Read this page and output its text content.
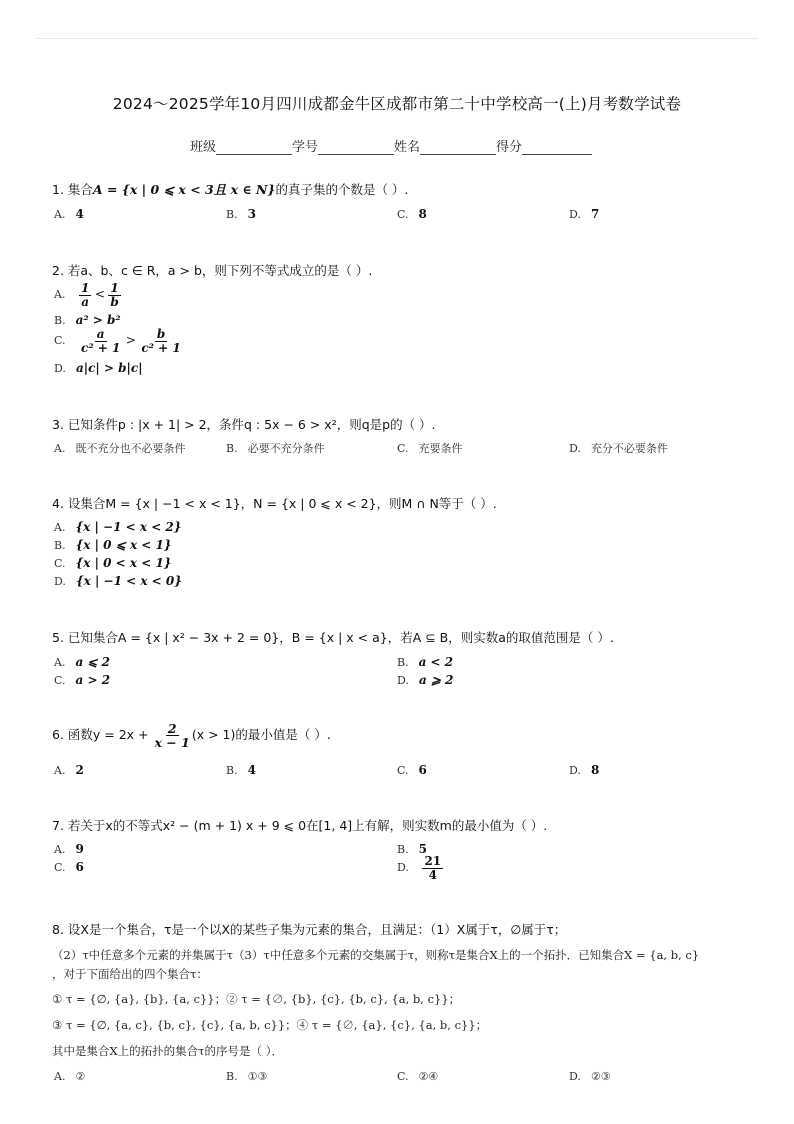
2024～2025学年10月四川成都金牛区成都市第二十中学校高一(上)月考数学试卷
班级	学号	姓名	得分
1. 集合A = {x | 0 ⩽ x < 3且 x ∈ N}的真子集的个数是（ ）.
A. 4	B. 3	C. 8	D. 7
2. 若a、b、c ∈ R，a > b，则下列不等式成立的是（ ）.
A. $\frac{1}{a} < \frac{1}{b}$
B. a² > b²
C. $\frac{a}{\text{c² + 1}} > \frac{b}{\text{c² + 1}}$
D. a|c| > b|c|
3. 已知条件p : |x + 1| > 2，条件q : 5x − 6 > x²，则q是p的（ ）.
A. 既不充分也不必要条件	B. 必要不充分条件	C. 充要条件	D. 充分不必要条件
4. 设集合M = {x | −1 < x < 1}，N = {x | 0 ⩽ x < 2}，则M ∩ N等于（ ）.
A. {x | −1 < x < 2}
B. {x | 0 ⩽ x < 1}
C. {x | 0 < x < 1}
D. {x | −1 < x < 0}
5. 已知集合A = {x | x² − 3x + 2 = 0}，B = {x | x < a}，若A ⊆ B，则实数a的取值范围是（ ）.
A. a ⩽ 2	B. a < 2
C. a > 2	D. a ⩾ 2
6. 函数$y = 2x + \frac{2}{x - 1} (x > 1)$的最小值是（ ）.
A. 2	B. 4	C. 6	D. 8
7. 若关于x的不等式x² − (m + 1) x + 9 ⩽ 0在[1, 4]上有解，则实数m的最小值为（ ）.
A. 9	B. 5
C. 6	D. $\frac{21}{4}$
8. 设X是一个集合，τ是一个以X的某些子集为元素的集合，且满足：（1）X属于τ，∅属于τ；
（2）τ中任意多个元素的并集属于τ（3）τ中任意多个元素的交集属于τ，则称τ是集合X上的一个拓扑．已知集合X = {a, b, c}
，对于下面给出的四个集合τ：
① τ = {∅, {a}, {b}, {a, c}}；② τ = {∅, {b}, {c}, {b, c}, {a, b, c}}；
③ τ = {∅, {a, c}, {b, c}, {c}, {a, b, c}}；④ τ = {∅, {a}, {c}, {a, b, c}}；
其中是集合X上的拓扑的集合τ的序号是（ ）．
A. ②	B. ①③	C. ②④	D. ②③
